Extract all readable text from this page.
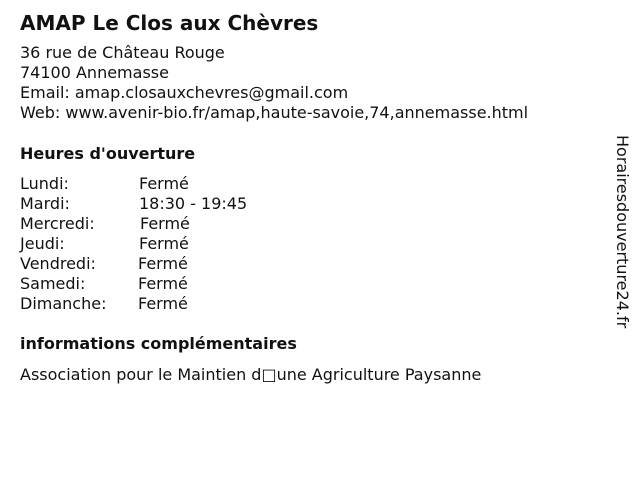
AMAP Le Clos aux Chèvres
36 rue de Château Rouge
74100 Annemasse
Email: amap.closauxchevres@gmail.com
Web: www.avenir-bio.fr/amap,haute-savoie,74,annemasse.html
Heures d'ouverture
Lundi:	Fermé
Mardi:	18:30 - 19:45
Mercredi:	Fermé
Jeudi:	Fermé
Vendredi:	Fermé
Samedi:	Fermé
Dimanche: Fermé
informations complémentaires
Association pour le Maintien d□une Agriculture Paysanne
Horairesdouverture24.fr
